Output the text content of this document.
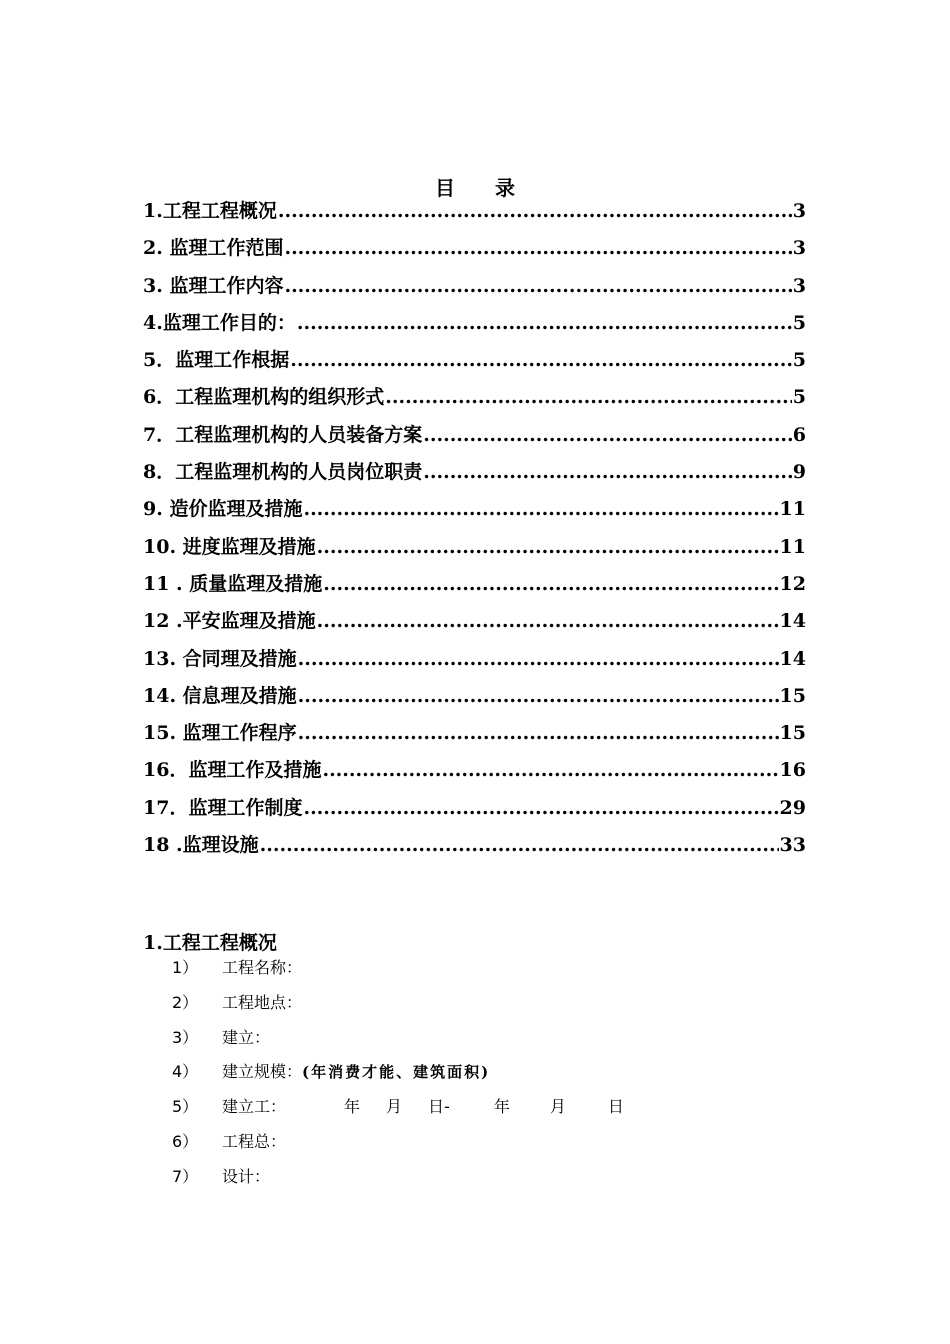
目　　录
1.工程工程概况 .....	3
2. 监理工作范围 .....	3
3. 监理工作内容 .....	3
4.监理工作目的： .....	5
5．监理工作根据 .....	5
6．工程监理机构的组织形式 .....	5
7．工程监理机构的人员装备方案 .....	6
8．工程监理机构的人员岗位职责 .....	9
9. 造价监理及措施 .....	11
10. 进度监理及措施 .....	11
11 . 质量监理及措施 .....	12
12 .平安监理及措施 .....	14
13. 合同理及措施 .....	14
14. 信息理及措施 .....	15
15. 监理工作程序 .....	15
16．监理工作及措施 .....	16
17．监理工作制度 .....	29
18 .监理设施 .....	33
1.工程工程概况
1） 工程名称：
2） 工程地点：
3） 建立：
4） 建立规模：(年消费才能、建筑面积)
5） 建立工：	年 月 日-	年	月	日
6） 工程总：
7） 设计：
